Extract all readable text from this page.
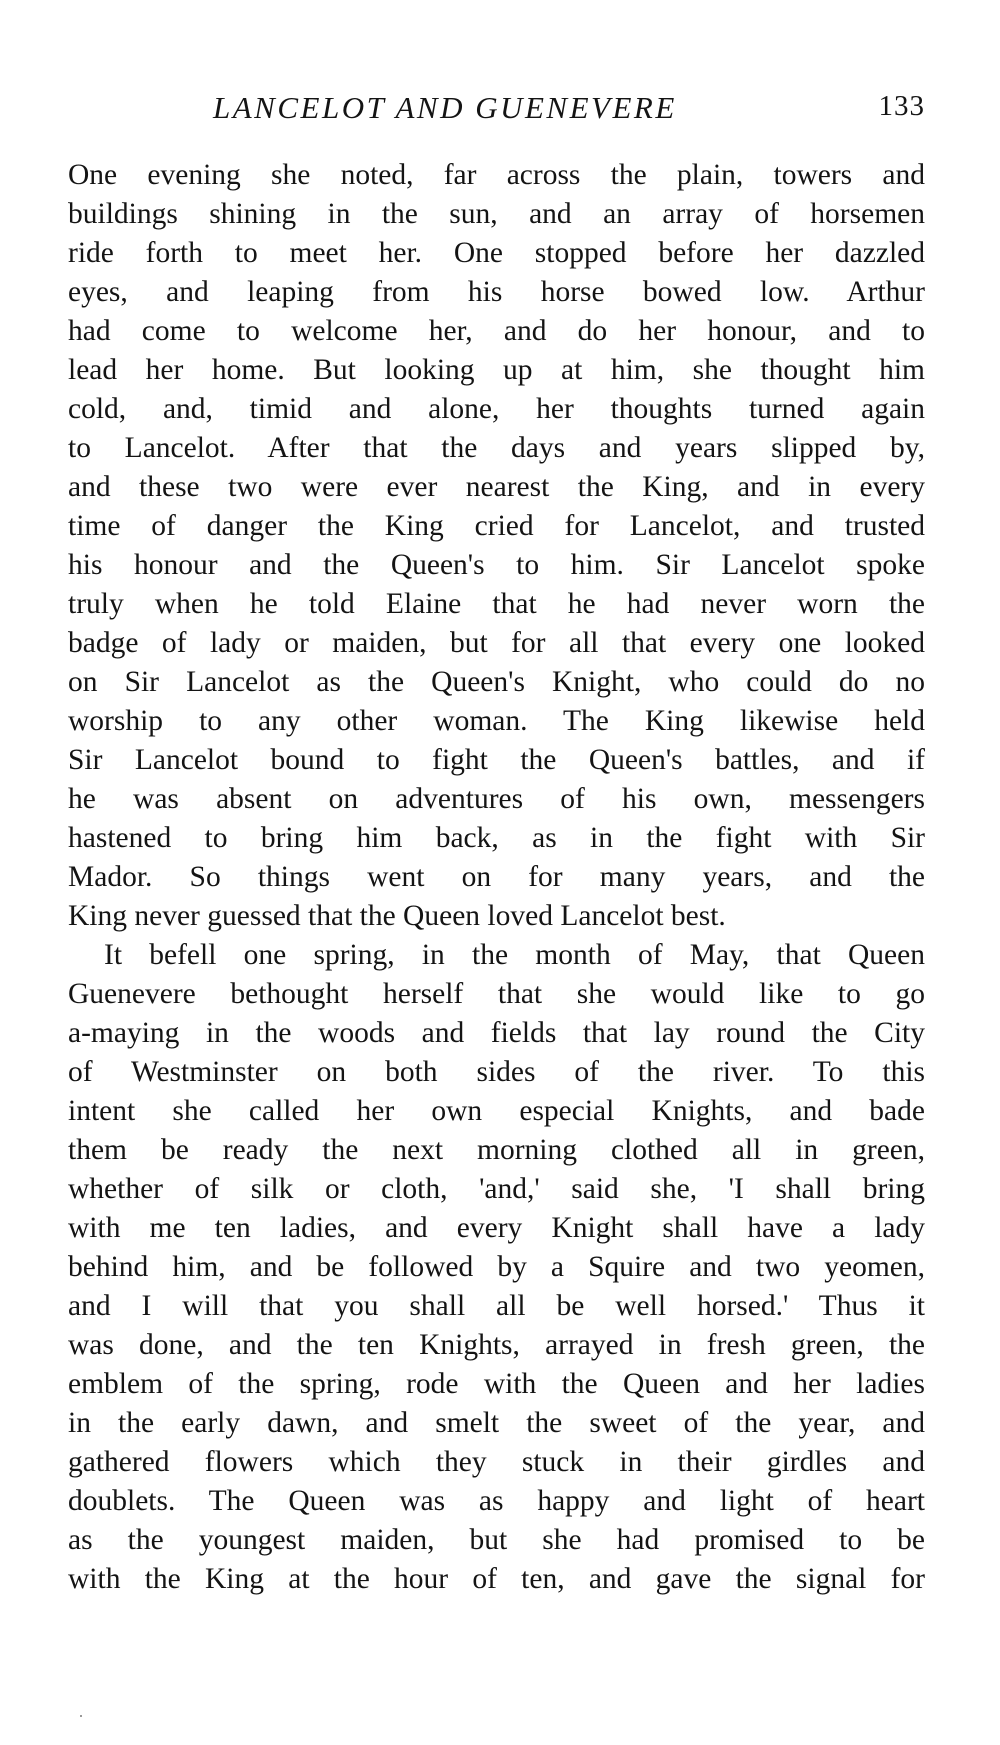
LANCELOT AND GUENEVERE	133
One evening she noted, far across the plain, towers and
buildings shining in the sun, and an array of horsemen
ride forth to meet her. One stopped before her dazzled
eyes, and leaping from his horse bowed low. Arthur
had come to welcome her, and do her honour, and to
lead her home. But looking up at him, she thought him
cold, and, timid and alone, her thoughts turned again
to Lancelot. After that the days and years slipped by,
and these two were ever nearest the King, and in every
time of danger the King cried for Lancelot, and trusted
his honour and the Queen's to him. Sir Lancelot spoke
truly when he told Elaine that he had never worn the
badge of lady or maiden, but for all that every one looked
on Sir Lancelot as the Queen's Knight, who could do no
worship to any other woman. The King likewise held
Sir Lancelot bound to fight the Queen's battles, and if
he was absent on adventures of his own, messengers
hastened to bring him back, as in the fight with Sir
Mador. So things went on for many years, and the
King never guessed that the Queen loved Lancelot best.
It befell one spring, in the month of May, that Queen
Guenevere bethought herself that she would like to go
a-maying in the woods and fields that lay round the City
of Westminster on both sides of the river. To this
intent she called her own especial Knights, and bade
them be ready the next morning clothed all in green,
whether of silk or cloth, 'and,' said she, 'I shall bring
with me ten ladies, and every Knight shall have a lady
behind him, and be followed by a Squire and two yeomen,
and I will that you shall all be well horsed.' Thus it
was done, and the ten Knights, arrayed in fresh green, the
emblem of the spring, rode with the Queen and her ladies
in the early dawn, and smelt the sweet of the year, and
gathered flowers which they stuck in their girdles and
doublets. The Queen was as happy and light of heart
as the youngest maiden, but she had promised to be
with the King at the hour of ten, and gave the signal for
